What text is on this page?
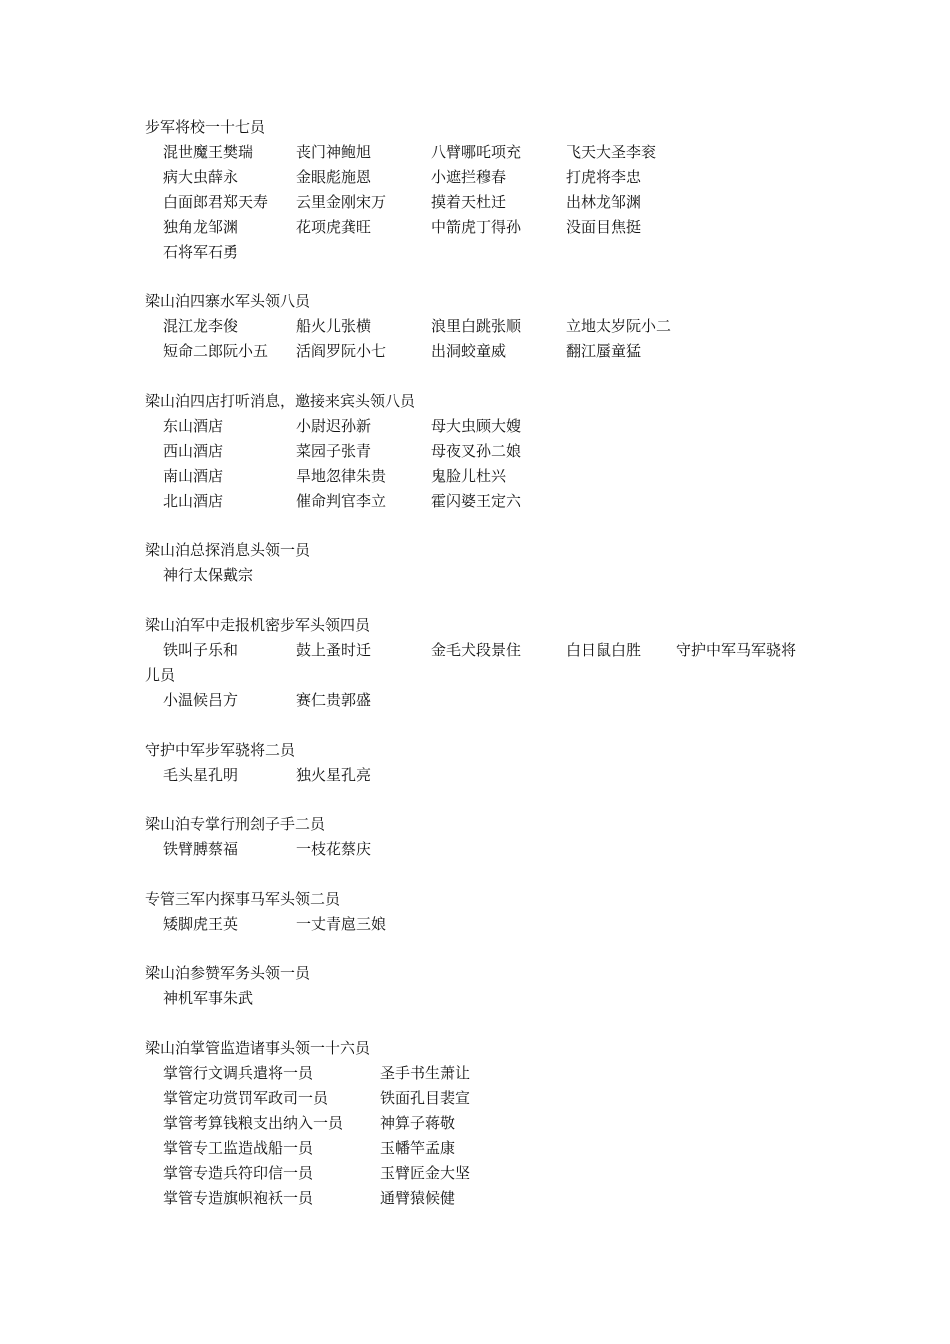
步军将校一十七员
混世魔王樊瑞	丧门神鲍旭	八臂哪吒项充	飞天大圣李衮
病大虫薛永	金眼彪施恩	小遮拦穆春	打虎将李忠
白面郎君郑天寿 云里金刚宋万	摸着天杜迁	出林龙邹渊
独角龙邹渊	花项虎龚旺	中箭虎丁得孙	没面目焦挺
石将军石勇
梁山泊四寨水军头领八员
混江龙李俊	船火儿张横	浪里白跳张顺	立地太岁阮小二
短命二郎阮小五 活阎罗阮小七	出洞蛟童威	翻江蜃童猛
梁山泊四店打听消息，邀接来宾头领八员
东山酒店	小尉迟孙新	母大虫顾大嫂
西山酒店	菜园子张青	母夜叉孙二娘
南山酒店	旱地忽律朱贵	鬼脸儿杜兴
北山酒店	催命判官李立	霍闪婆王定六
梁山泊总探消息头领一员
神行太保戴宗
梁山泊军中走报机密步军头领四员
铁叫子乐和	鼓上蚤时迁	金毛犬段景住	白日鼠白胜 守护中军马军骁将
儿员
小温候吕方	赛仁贵郭盛
守护中军步军骁将二员
毛头星孔明	独火星孔亮
梁山泊专掌行刑刽子手二员
铁臂膊蔡福	一枝花蔡庆
专管三军内探事马军头领二员
矮脚虎王英	一丈青扈三娘
梁山泊参赞军务头领一员
神机军事朱武
梁山泊掌管监造诸事头领一十六员
掌管行文调兵遣将一员	圣手书生萧让
掌管定功赏罚军政司一员	铁面孔目裴宣
掌管考算钱粮支出纳入一员 神算子蒋敬
掌管专工监造战船一员	玉幡竿孟康
掌管专造兵符印信一员	玉臂匠金大坚
掌管专造旗帜袍袄一员	通臂猿候健
